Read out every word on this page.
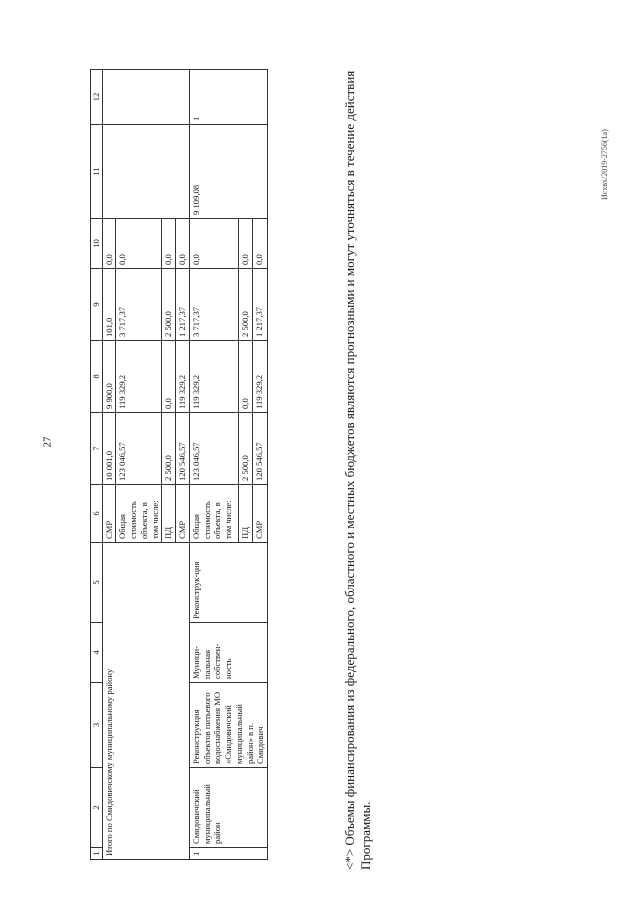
27
1	2	3	4	5	6	7	8	9	10	11	12
Итого по Смидовичскому муниципальному району					СМР	10 001,0	9 900,0	101,0	0,0		
					Общая стоимость объекта, в том числе:	123 046,57	119 329,2	3 717,37	0,0		
					ПД	2 500,0	0,0	2 500,0	0,0		
					СМР	120 546,57	119 329,2	1 217,37	0,0		
1	Смидовичский муниципальный район	Реконструкция объектов питьевого водоснабжения МО «Смидовичский муниципальный район» в п. Смидович	Муници-пальная собствен-ность	Реконструк-ция	Общая стоимость объекта, в том числе:	123 046,57	119 329,2	3 717,37	0,0	9 109,08	1
					ПД	2 500,0	0,0	2 500,0	0,0		
					СМР	120 546,57	119 329,2	1 217,37	0,0			<*> Объемы финансирования из федерального, областного и местных бюджетов являются прогнозными и могут уточняться в течение действия Программы.
Исхвх/2019-2756(1а)
